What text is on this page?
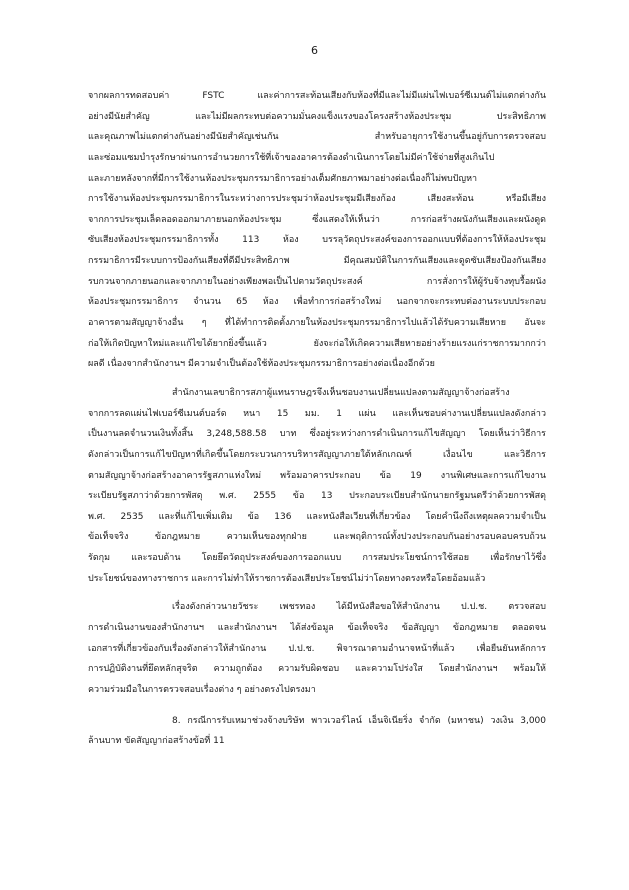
6
จากผลการทดสอบค่า FSTC และค่าการสะท้อนเสียงกับห้องที่มีและไม่มีแผ่นไฟเบอร์ซีเมนต์ไม่แตกต่างกัน
อย่างมีนัยสำคัญ และไม่มีผลกระทบต่อความมั่นคงแข็งแรงของโครงสร้างห้องประชุม ประสิทธิภาพ
และคุณภาพไม่แตกต่างกันอย่างมีนัยสำคัญเช่นกัน สำหรับอายุการใช้งานขึ้นอยู่กับการตรวจสอบ
และซ่อมแซมบำรุงรักษาผ่านการอำนวยการใช้ที่เจ้าของอาคารต้องดำเนินการโดยไม่มีค่าใช้จ่ายที่สูงเกินไป
และภายหลังจากที่มีการใช้งานห้องประชุมกรรมาธิการอย่างเต็มศักยภาพมาอย่างต่อเนื่องก็ไม่พบปัญหา
การใช้งานห้องประชุมกรรมาธิการในระหว่างการประชุมว่าห้องประชุมมีเสียงก้อง เสียงสะท้อน หรือมีเสียง
จากการประชุมเล็ดลอดออกมาภายนอกห้องประชุม ซึ่งแสดงให้เห็นว่า การก่อสร้างผนังกันเสียงและผนังดูด
ซับเสียงห้องประชุมกรรมาธิการทั้ง 113 ห้อง บรรลุวัตถุประสงค์ของการออกแบบที่ต้องการให้ห้องประชุม
กรรมาธิการมีระบบการป้องกันเสียงที่ดีมีประสิทธิภาพ มีคุณสมบัติในการกันเสียงและดูดซับเสียงป้องกันเสียง
รบกวนจากภายนอกและจากภายในอย่างเพียงพอเป็นไปตามวัตถุประสงค์ การสั่งการให้ผู้รับจ้างทุบรื้อผนัง
ห้องประชุมกรรมาธิการ จำนวน 65 ห้อง เพื่อทำการก่อสร้างใหม่ นอกจากจะกระทบต่องานระบบประกอบ
อาคารตามสัญญาจ้างอื่น ๆ ที่ได้ทำการติดตั้งภายในห้องประชุมกรรมาธิการไปแล้วได้รับความเสียหาย อันจะ
ก่อให้เกิดปัญหาใหม่และแก้ไขได้ยากยิ่งขึ้นแล้ว ยังจะก่อให้เกิดความเสียหายอย่างร้ายแรงแก่ราชการมากกว่า
ผลดี เนื่องจากสำนักงานฯ มีความจำเป็นต้องใช้ห้องประชุมกรรมาธิการอย่างต่อเนื่องอีกด้วย
สำนักงานเลขาธิการสภาผู้แทนราษฎรจึงเห็นชอบงานเปลี่ยนแปลงตามสัญญาจ้างก่อสร้าง
จากการลดแผ่นไฟเบอร์ซีเมนต์บอร์ด หนา 15 มม. 1 แผ่น และเห็นชอบค่างานเปลี่ยนแปลงดังกล่าว
เป็นงานลดจำนวนเงินทั้งสิ้น 3,248,588.58 บาท ซึ่งอยู่ระหว่างการดำเนินการแก้ไขสัญญา โดยเห็นว่าวิธีการ
ดังกล่าวเป็นการแก้ไขปัญหาที่เกิดขึ้นโดยกระบวนการบริหารสัญญาภายใต้หลักเกณฑ์ เงื่อนไข และวิธีการ
ตามสัญญาจ้างก่อสร้างอาคารรัฐสภาแห่งใหม่ พร้อมอาคารประกอบ ข้อ 19 งานพิเศษและการแก้ไขงาน
ระเบียบรัฐสภาว่าด้วยการพัสดุ พ.ศ. 2555 ข้อ 13 ประกอบระเบียบสำนักนายกรัฐมนตรีว่าด้วยการพัสดุ
พ.ศ. 2535 และที่แก้ไขเพิ่มเติม ข้อ 136 และหนังสือเวียนที่เกี่ยวข้อง โดยคำนึงถึงเหตุผลความจำเป็น
ข้อเท็จจริง ข้อกฎหมาย ความเห็นของทุกฝ่าย และพฤติการณ์ทั้งปวงประกอบกันอย่างรอบคอบครบถ้วน
รัดกุม และรอบด้าน โดยยึดวัตถุประสงค์ของการออกแบบ การสมประโยชน์การใช้สอย เพื่อรักษาไว้ซึ่ง
ประโยชน์ของทางราชการ และการไม่ทำให้ราชการต้องเสียประโยชน์ไม่ว่าโดยทางตรงหรือโดยอ้อมแล้ว
เรื่องดังกล่าวนายวัชระ เพชรทอง ได้มีหนังสือขอให้สำนักงาน ป.ป.ช. ตรวจสอบ
การดำเนินงานของสำนักงานฯ และสำนักงานฯ ได้ส่งข้อมูล ข้อเท็จจริง ข้อสัญญา ข้อกฎหมาย ตลอดจน
เอกสารที่เกี่ยวข้องกับเรื่องดังกล่าวให้สำนักงาน ป.ป.ช. พิจารณาตามอำนาจหน้าที่แล้ว เพื่อยืนยันหลักการ
การปฏิบัติงานที่ยึดหลักสุจริต ความถูกต้อง ความรับผิดชอบ และความโปร่งใส โดยสำนักงานฯ พร้อมให้
ความร่วมมือในการตรวจสอบเรื่องต่าง ๆ อย่างตรงไปตรงมา
8. กรณีการรับเหมาช่วงจ้างบริษัท พาวเวอร์ไลน์ เอ็นจิเนียริ่ง จำกัด (มหาชน) วงเงิน 3,000
ล้านบาท ขัดสัญญาก่อสร้างข้อที่ 11
